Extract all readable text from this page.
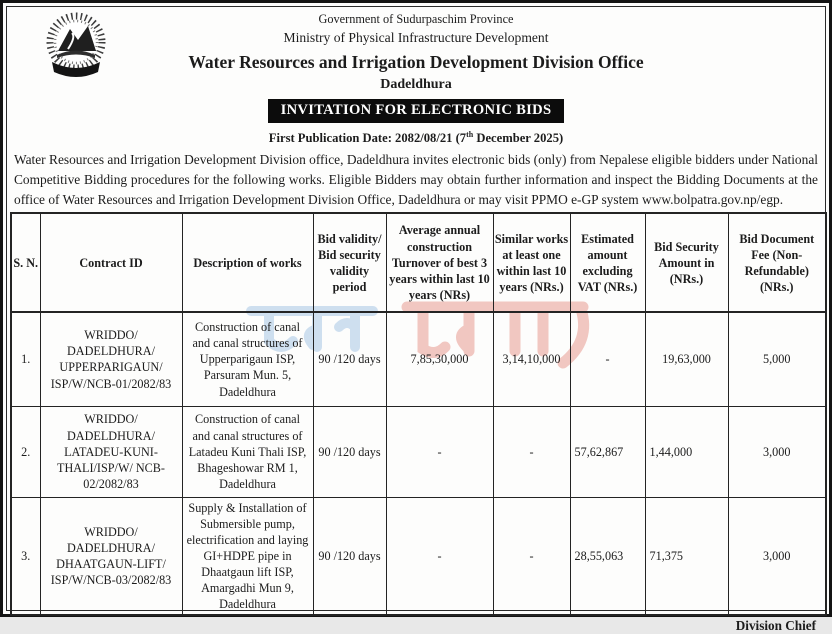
Government of Sudurpaschim Province
Ministry of Physical Infrastructure Development
Water Resources and Irrigation Development Division Office
Dadeldhura
INVITATION FOR ELECTRONIC BIDS
First Publication Date: 2082/08/21 (7th December 2025)

Water Resources and Irrigation Development Division office, Dadeldhura invites electronic bids (only) from Nepalese eligible bidders under National Competitive Bidding procedures for the following works. Eligible Bidders may obtain further information and inspect the Bidding Documents at the office of Water Resources and Irrigation Development Division Office, Dadeldhura or may visit PPMO e-GP system www.bolpatra.gov.np/egp.

S. N.	Contract ID	Description of works	Bid validity/ Bid security validity period	Average annual construction Turnover of best 3 years within last 10 years (NRs)	Similar works at least one within last 10 years (NRs.)	Estimated amount excluding VAT (NRs.)	Bid Security Amount in (NRs.)	Bid Document Fee (Non-Refundable) (NRs.)
1.	WRIDDO/ DADELDHURA/ UPPERPARIGAUN/ ISP/W/NCB-01/2082/83	Construction of canal and canal structures of Upperparigaun ISP, Parsuram Mun. 5, Dadeldhura	90 /120 days	7,85,30,000	3,14,10,000	-	19,63,000	5,000
2.	WRIDDO/ DADELDHURA/ LATADEU-KUNI-THALI/ISP/W/ NCB-02/2082/83	Construction of canal and canal structures of Latadeu Kuni Thali ISP, Bhageshowar RM 1, Dadeldhura	90 /120 days	-	-	57,62,867	1,44,000	3,000
3.	WRIDDO/ DADELDHURA/ DHAATGAUN-LIFT/ ISP/W/NCB-03/2082/83	Supply & Installation of Submersible pump, electrification and laying GI+HDPE pipe in Dhaatgaun lift ISP, Amargadhi Mun 9, Dadeldhura	90 /120 days	-	-	28,55,063	71,375	3,000
Division Chief
